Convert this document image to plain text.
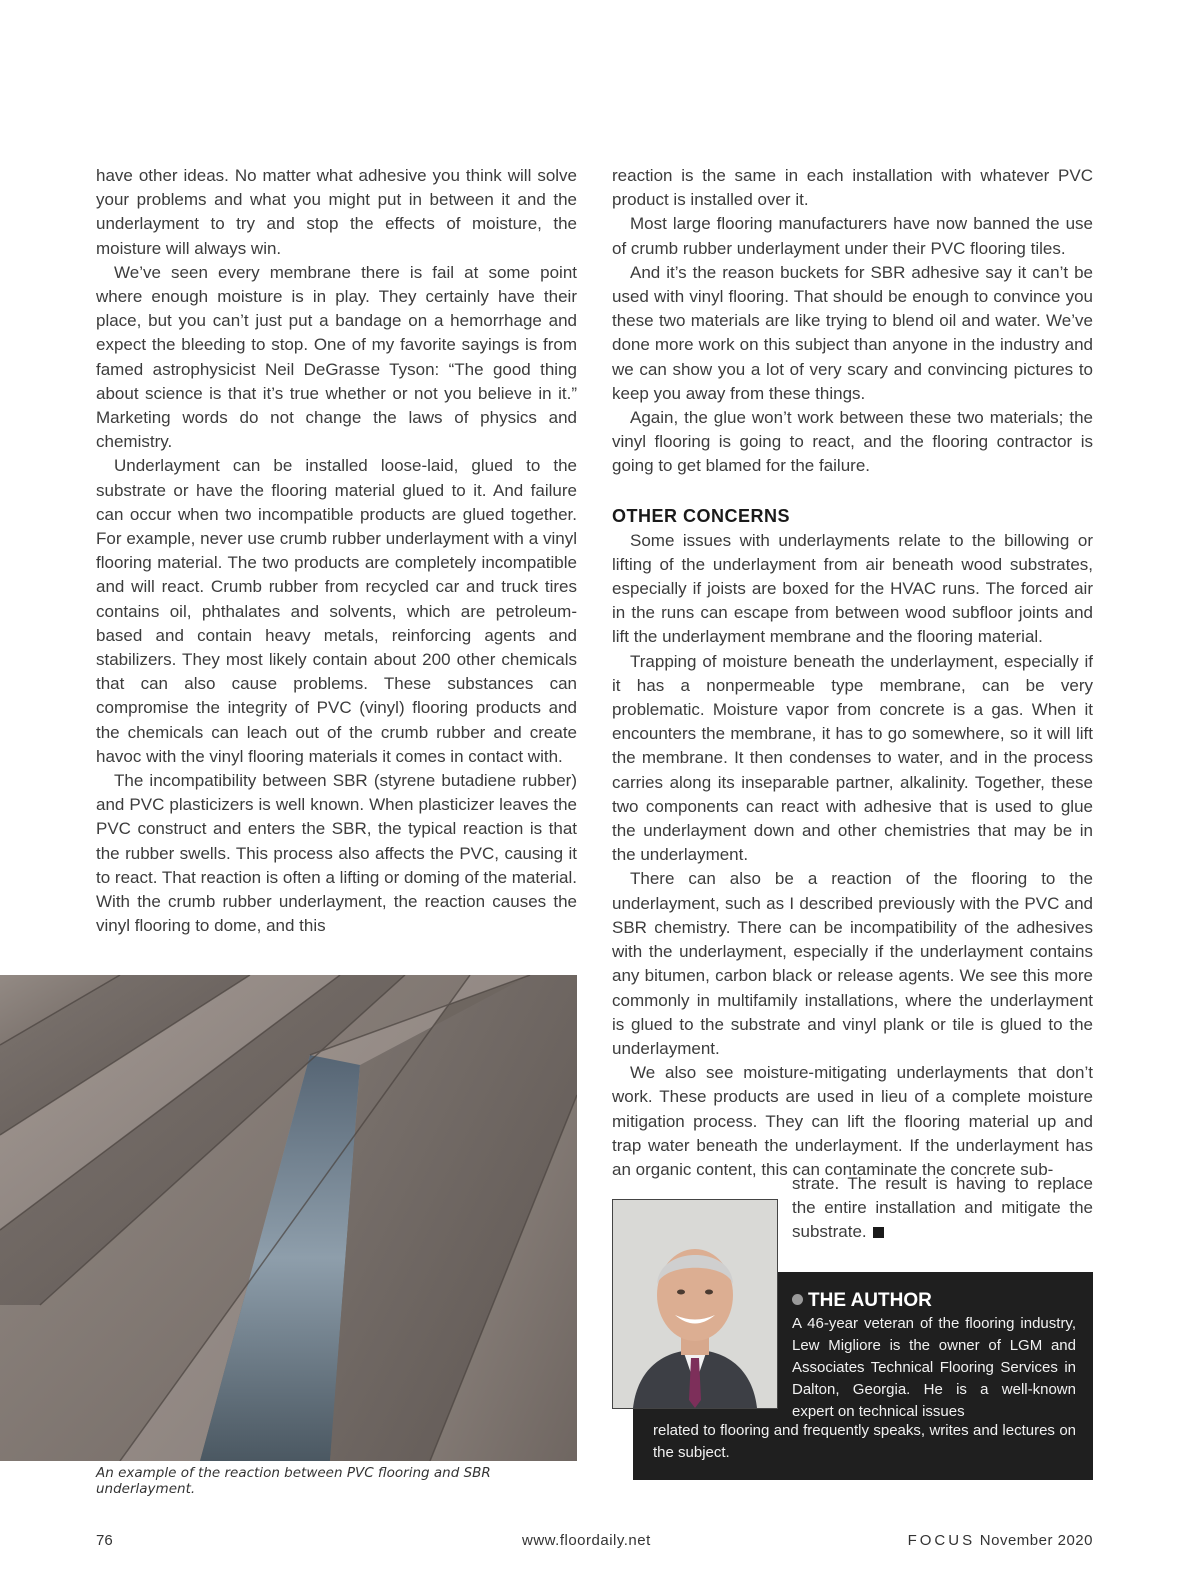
have other ideas. No matter what adhesive you think will solve your problems and what you might put in between it and the underlayment to try and stop the effects of moisture, the moisture will always win.

We’ve seen every membrane there is fail at some point where enough moisture is in play. They certainly have their place, but you can’t just put a bandage on a hemorrhage and expect the bleeding to stop. One of my favorite sayings is from famed astrophysicist Neil DeGrasse Tyson: “The good thing about science is that it’s true whether or not you believe in it.” Marketing words do not change the laws of physics and chemistry.

Underlayment can be installed loose-laid, glued to the substrate or have the flooring material glued to it. And failure can occur when two incompatible products are glued together. For example, never use crumb rubber underlayment with a vinyl flooring material. The two products are completely incompatible and will react. Crumb rubber from recycled car and truck tires contains oil, phthalates and solvents, which are petroleum-based and contain heavy metals, reinforcing agents and stabilizers. They most likely contain about 200 other chemicals that can also cause problems. These substances can compromise the integrity of PVC (vinyl) flooring products and the chemicals can leach out of the crumb rubber and create havoc with the vinyl flooring materials it comes in contact with.

The incompatibility between SBR (styrene butadiene rubber) and PVC plasticizers is well known. When plasticizer leaves the PVC construct and enters the SBR, the typical reaction is that the rubber swells. This process also affects the PVC, causing it to react. That reaction is often a lifting or doming of the material. With the crumb rubber underlayment, the reaction causes the vinyl flooring to dome, and this

reaction is the same in each installation with whatever PVC product is installed over it.

Most large flooring manufacturers have now banned the use of crumb rubber underlayment under their PVC flooring tiles.

And it’s the reason buckets for SBR adhesive say it can’t be used with vinyl flooring. That should be enough to convince you these two materials are like trying to blend oil and water. We’ve done more work on this subject than anyone in the industry and we can show you a lot of very scary and convincing pictures to keep you away from these things.

Again, the glue won’t work between these two materials; the vinyl flooring is going to react, and the flooring contractor is going to get blamed for the failure.

OTHER CONCERNS

Some issues with underlayments relate to the billowing or lifting of the underlayment from air beneath wood substrates, especially if joists are boxed for the HVAC runs. The forced air in the runs can escape from between wood subfloor joints and lift the underlayment membrane and the flooring material.

Trapping of moisture beneath the underlayment, especially if it has a nonpermeable type membrane, can be very problematic. Moisture vapor from concrete is a gas. When it encounters the membrane, it has to go somewhere, so it will lift the membrane. It then condenses to water, and in the process carries along its inseparable partner, alkalinity. Together, these two components can react with adhesive that is used to glue the underlayment down and other chemistries that may be in the underlayment.

There can also be a reaction of the flooring to the underlayment, such as I described previously with the PVC and SBR chemistry. There can be incompatibility of the adhesives with the underlayment, especially if the underlayment contains any bitumen, carbon black or release agents. We see this more commonly in multifamily installations, where the underlayment is glued to the substrate and vinyl plank or tile is glued to the underlayment.

We also see moisture-mitigating underlayments that don’t work. These products are used in lieu of a complete moisture mitigation process. They can lift the flooring material up and trap water beneath the underlayment. If the underlayment has an organic content, this can contaminate the concrete sub-

strate. The result is having to replace the entire installation and mitigate the substrate.

An example of the reaction between PVC flooring and SBR underlayment.
THE AUTHOR
A 46-year veteran of the flooring industry, Lew Migliore is the owner of LGM and Associates Technical Flooring Services in Dalton, Georgia. He is a well-known expert on technical issues
related to flooring and frequently speaks, writes and lectures on the subject.
76	www.floordaily.net	FOCUS November 2020
